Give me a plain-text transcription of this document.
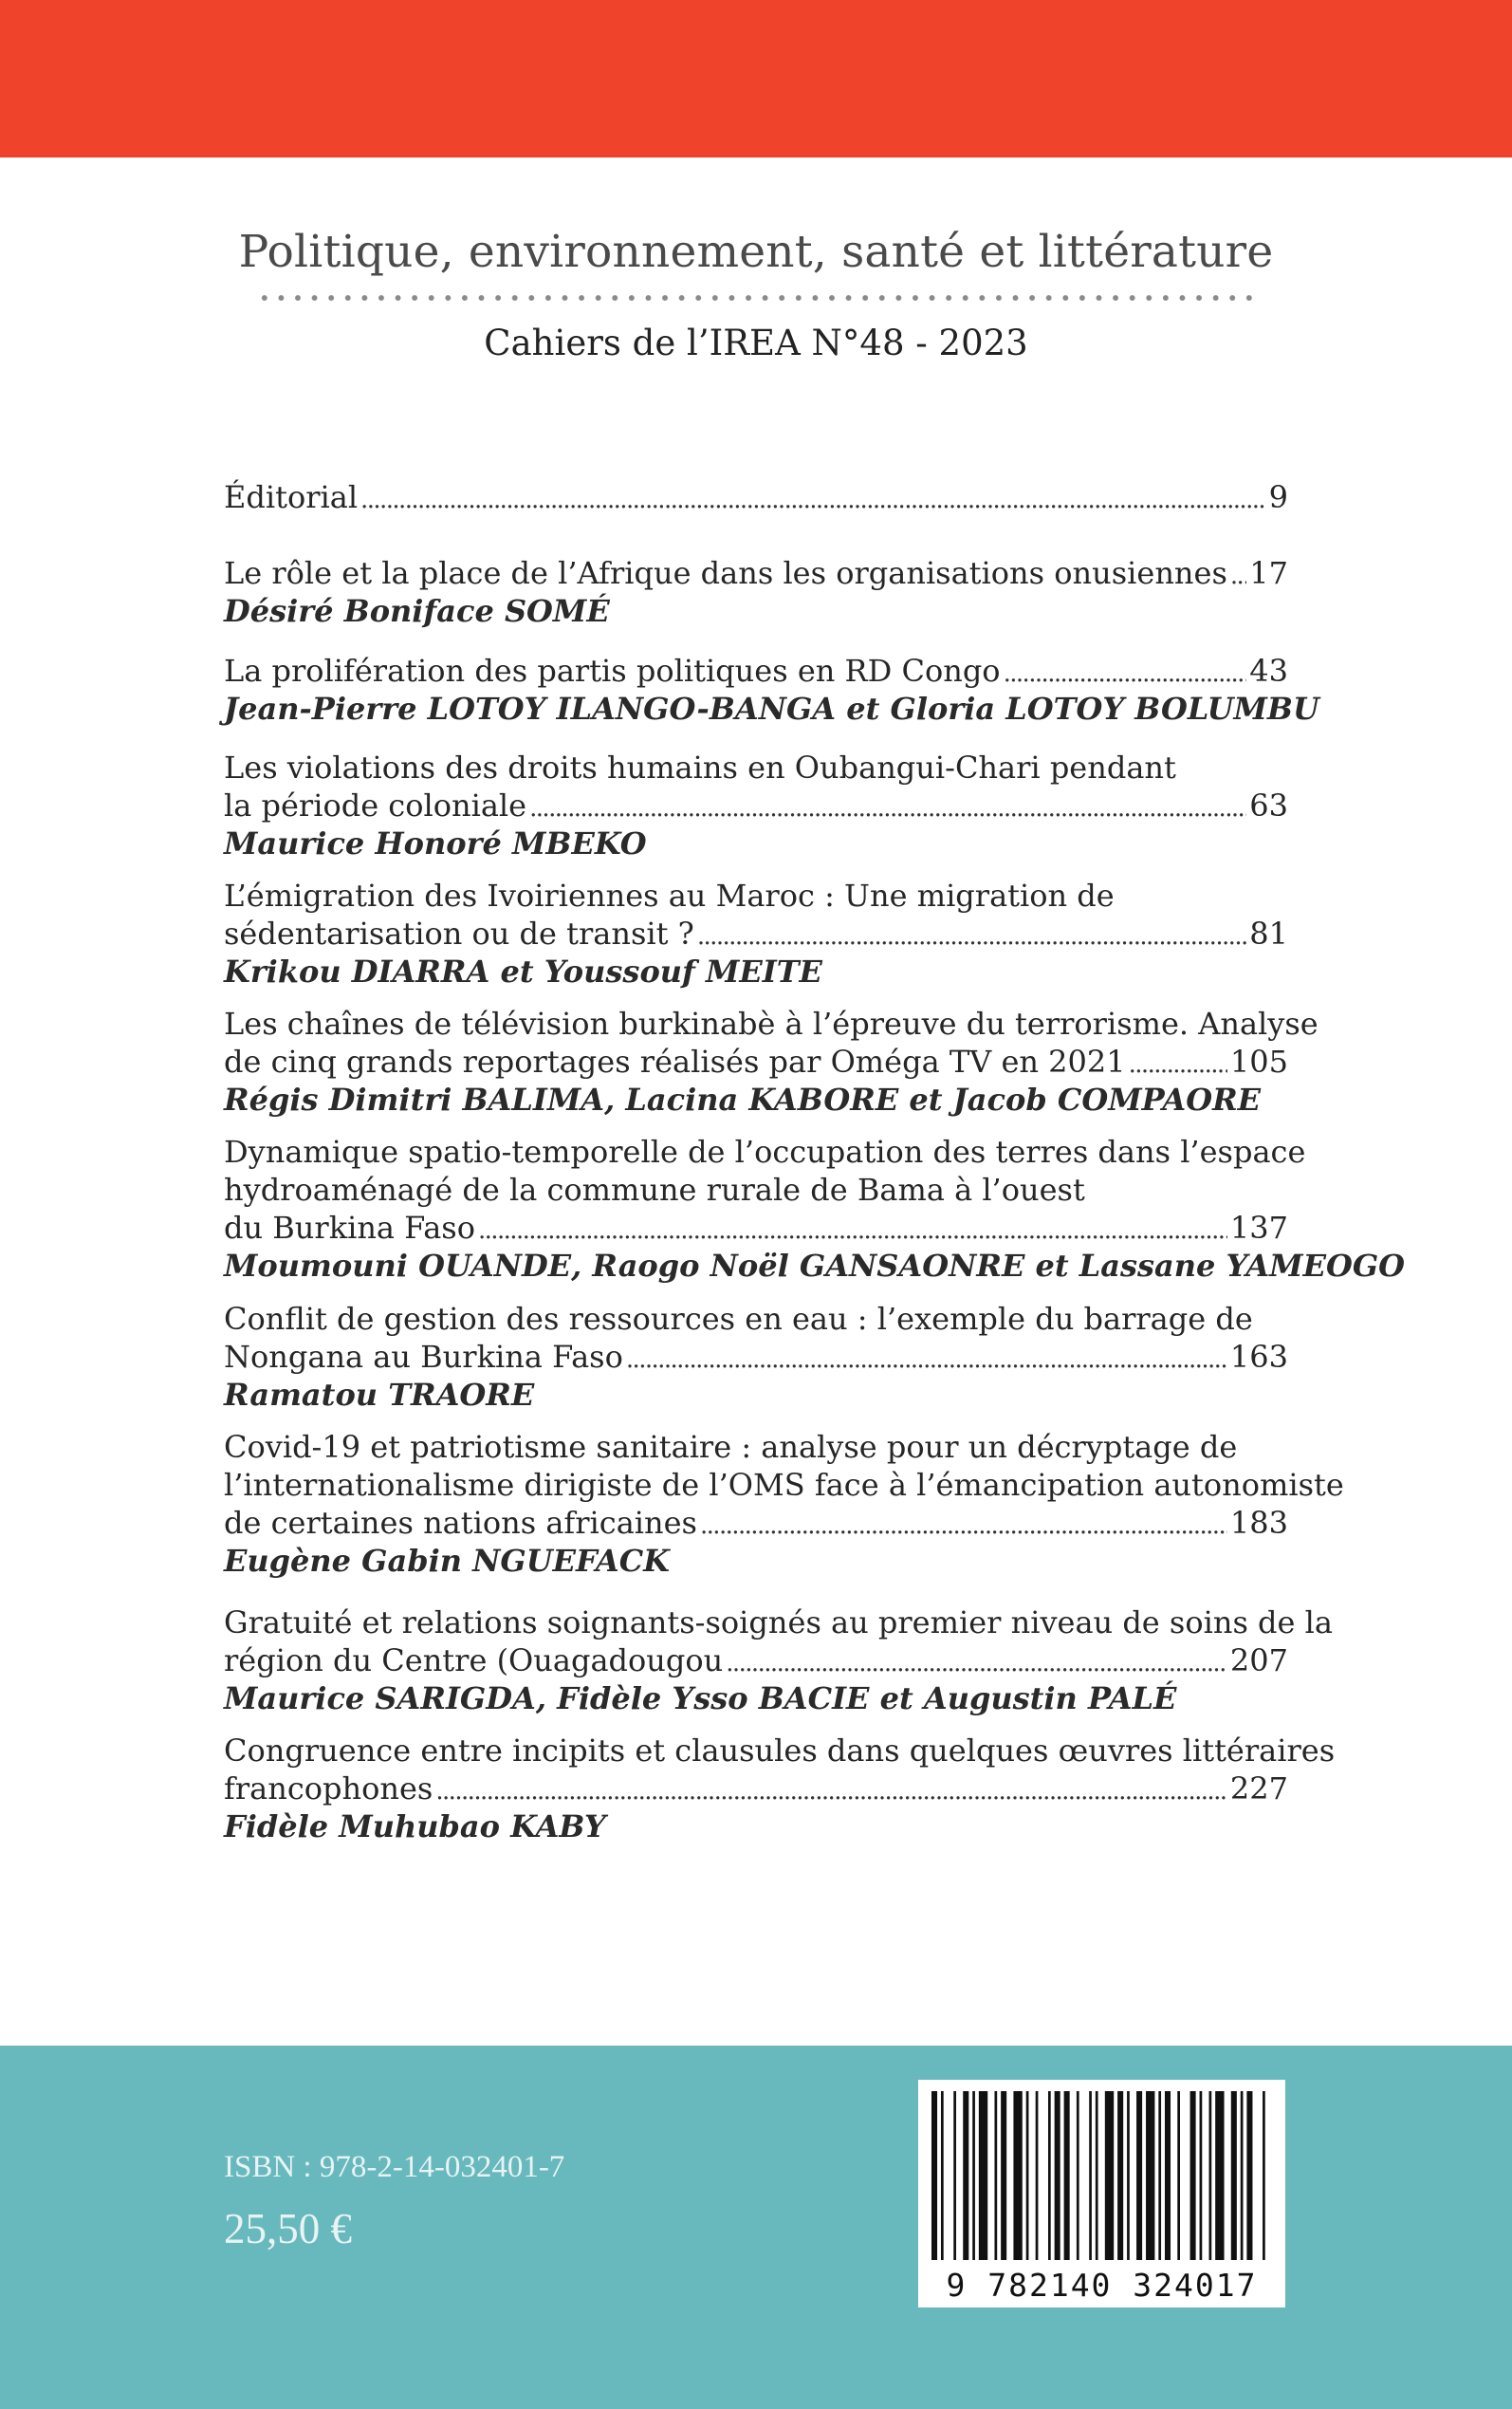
Politique, environnement, santé et littérature
Cahiers de l’IREA N°48 - 2023
Éditorial .....	9
Le rôle et la place de l’Afrique dans les organisations onusiennes ..... 17
Désiré Boniface SOMÉ
La prolifération des partis politiques en RD Congo .....	43
Jean-Pierre LOTOY ILANGO-BANGA et Gloria LOTOY BOLUMBU
Les violations des droits humains en Oubangui-Chari pendant
la période coloniale .....	63
Maurice Honoré MBEKO
L’émigration des Ivoiriennes au Maroc : Une migration de
sédentarisation ou de transit ? .....	81
Krikou DIARRA et Youssouf MEITE
Les chaînes de télévision burkinabè à l’épreuve du terrorisme. Analyse
de cinq grands reportages réalisés par Oméga TV en 2021 .....	105
Régis Dimitri BALIMA, Lacina KABORE et Jacob COMPAORE
Dynamique spatio-temporelle de l’occupation des terres dans l’espace
hydroaménagé de la commune rurale de Bama à l’ouest
du Burkina Faso .....	137
Moumouni OUANDE, Raogo Noël GANSAONRE et Lassane YAMEOGO
Conflit de gestion des ressources en eau : l’exemple du barrage de
Nongana au Burkina Faso .....	163
Ramatou TRAORE
Covid-19 et patriotisme sanitaire : analyse pour un décryptage de
l’internationalisme dirigiste de l’OMS face à l’émancipation autonomiste
de certaines nations africaines .....	183
Eugène Gabin NGUEFACK
Gratuité et relations soignants-soignés au premier niveau de soins de la
région du Centre (Ouagadougou .....	207
Maurice SARIGDA, Fidèle Ysso BACIE et Augustin PALÉ
Congruence entre incipits et clausules dans quelques œuvres littéraires
francophones .....	227
Fidèle Muhubao KABY
ISBN : 978-2-14-032401-7
25,50 €
9 782140 324017
